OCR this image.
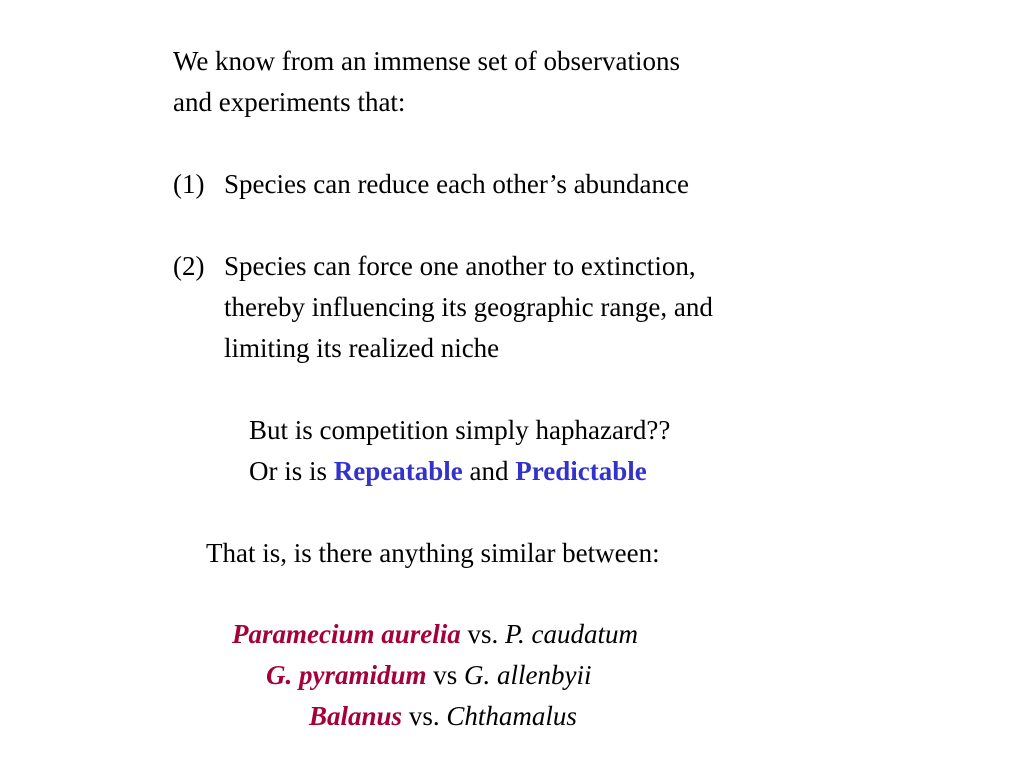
We know from an immense set of observations
and experiments that:
(1) Species can reduce each other’s abundance
(2) Species can force one another to extinction,
thereby influencing its geographic range, and
limiting its realized niche
But is competition simply haphazard??
Or is is Repeatable and Predictable
That is, is there anything similar between:
Paramecium aurelia vs. P. caudatum
G. pyramidum vs G. allenbyii
Balanus vs. Chthamalus
